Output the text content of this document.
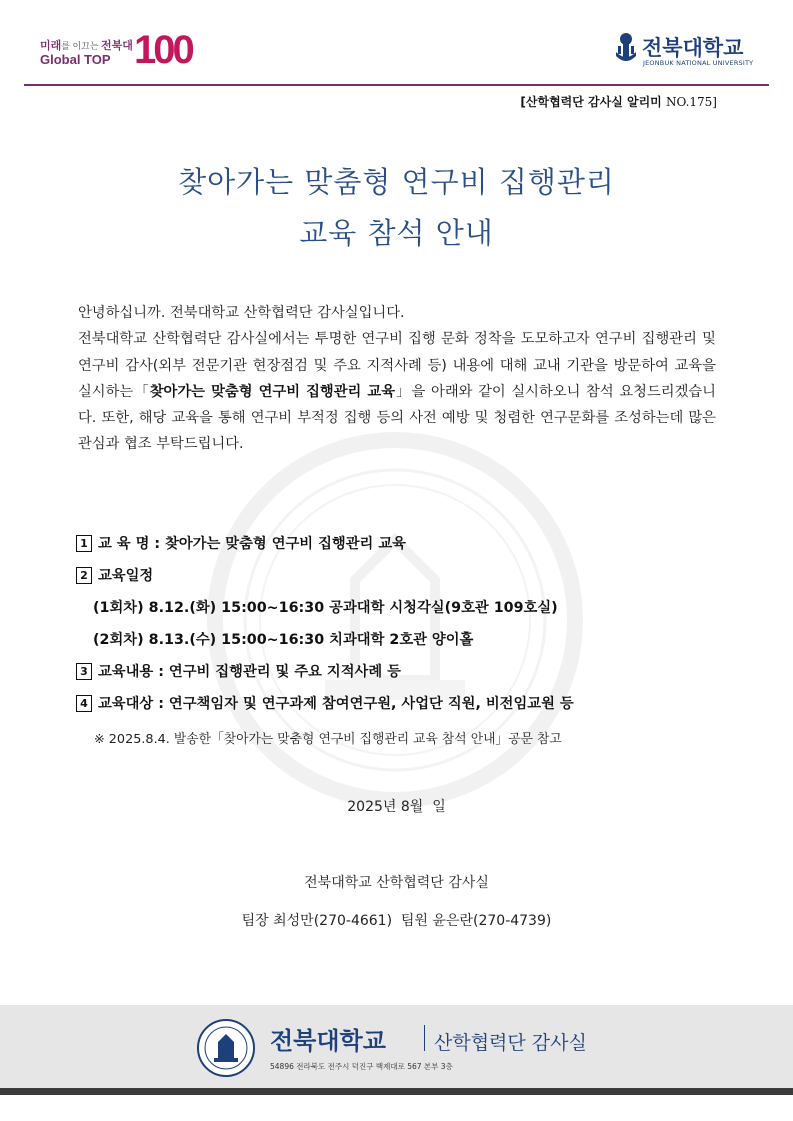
미래를 이끄는 전북대
Global TOP 100	전북대학교
JEONBUK NATIONAL UNIVERSITY
[산학협력단 감사실 알리미 NO.175]
찾아가는 맞춤형 연구비 집행관리
교육 참석 안내

안녕하십니까. 전북대학교 산학협력단 감사실입니다.

전북대학교 산학협력단 감사실에서는 투명한 연구비 집행 문화 정착을 도모하고자 연구비 집행관리 및 연구비 감사(외부 전문기관 현장점검 및 주요 지적사례 등) 내용에 대해 교내 기관을 방문하여 교육을 실시하는「찾아가는 맞춤형 연구비 집행관리 교육」을 아래와 같이 실시하오니 참석 요청드리겠습니다. 또한, 해당 교육을 통해 연구비 부적정 집행 등의 사전 예방 및 청렴한 연구문화를 조성하는데 많은 관심과 협조 부탁드립니다.

1 교 육 명 : 찾아가는 맞춤형 연구비 집행관리 교육
2 교육일정
(1회차) 8.12.(화) 15:00~16:30 공과대학 시청각실(9호관 109호실)
(2회차) 8.13.(수) 15:00~16:30 치과대학 2호관 양이홀
3 교육내용 : 연구비 집행관리 및 주요 지적사례 등
4 교육대상 : 연구책임자 및 연구과제 참여연구원, 사업단 직원, 비전임교원 등
※ 2025.8.4. 발송한「찾아가는 맞춤형 연구비 집행관리 교육 참석 안내」공문 참고
2025년 8월  일
전북대학교 산학협력단 감사실
팀장 최성만(270-4661)  팀원 윤은란(270-4739)
전북대학교	산학협력단 감사실
54896 전라북도 전주시 덕진구 백제대로 567 본부 3층
